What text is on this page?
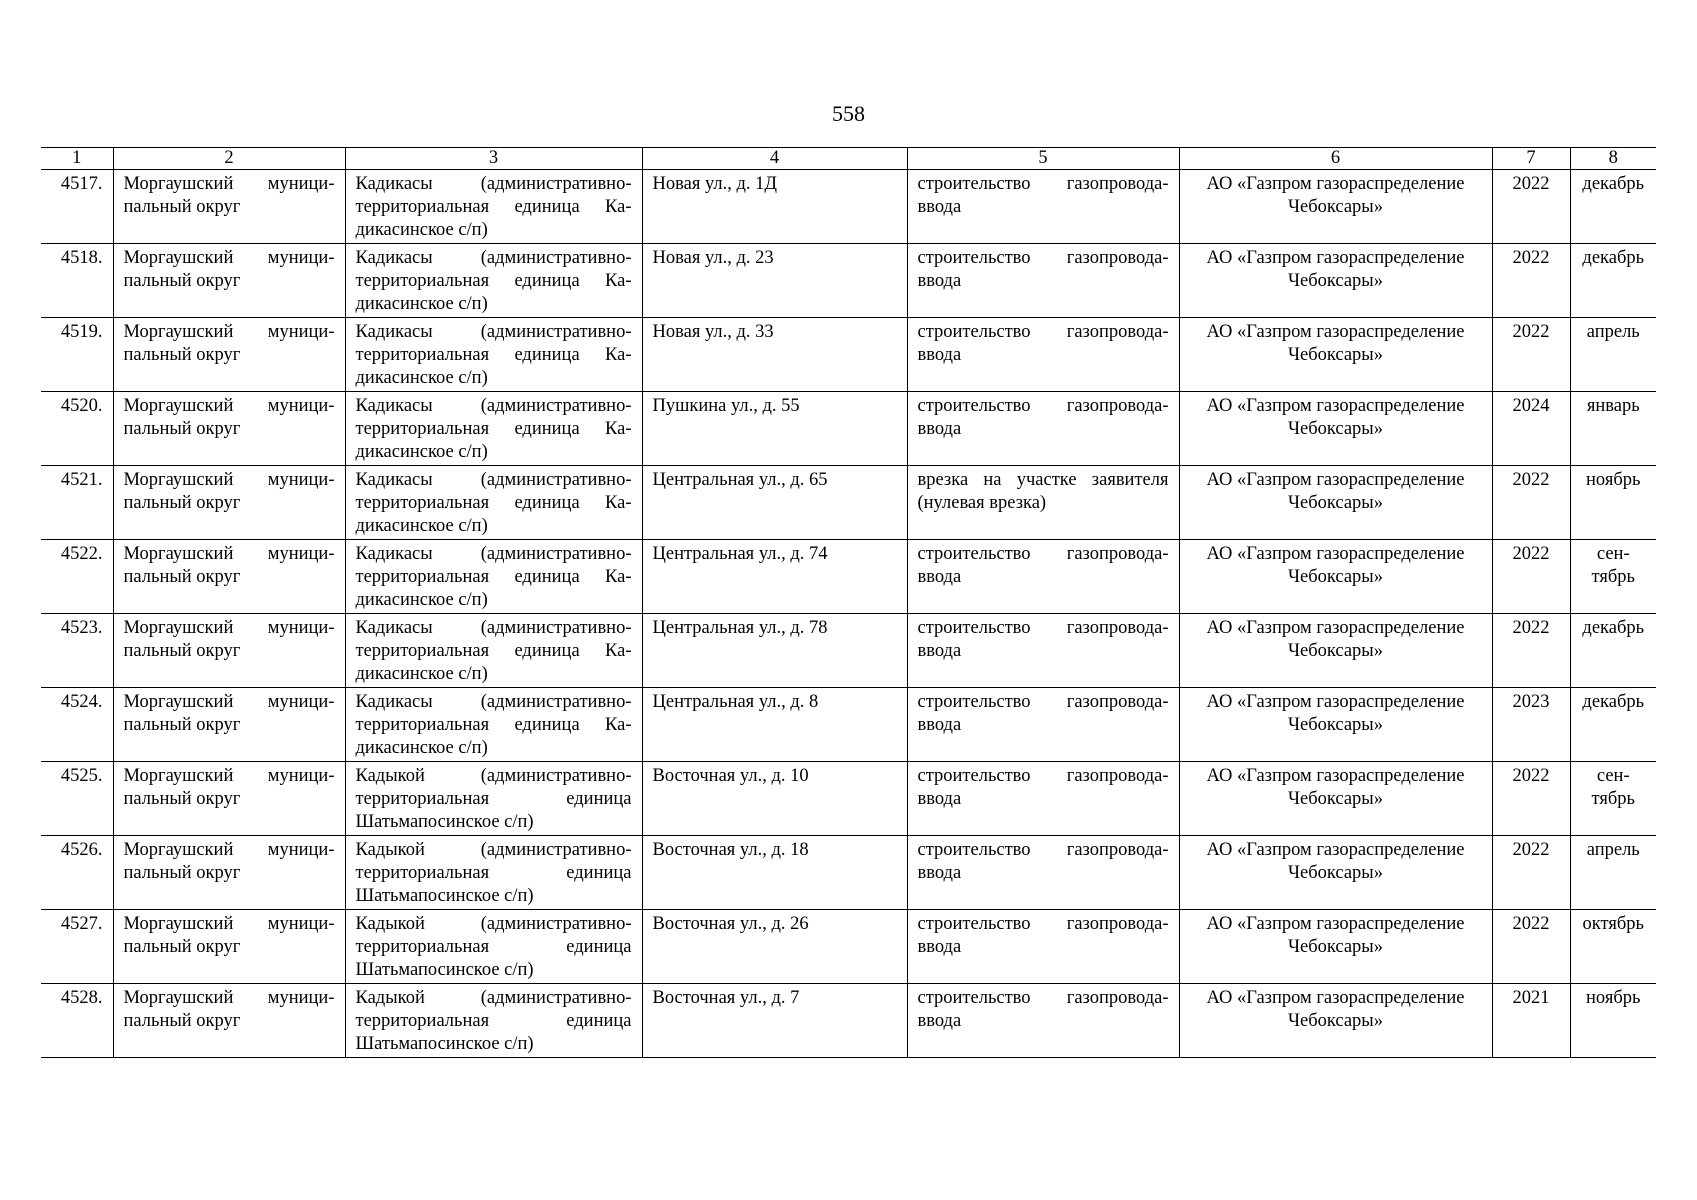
558
1	2	3	4	5	6	7	8
4517.	Моргаушский муници-пальный округ	Кадикасы (административно-территориальная единица Ка-дикасинское с/п)	Новая ул., д. 1Д	строительство газопровода-ввода	АО «Газпром газораспределение Чебоксары»	2022	декабрь
4518.	Моргаушский муници-пальный округ	Кадикасы (административно-территориальная единица Ка-дикасинское с/п)	Новая ул., д. 23	строительство газопровода-ввода	АО «Газпром газораспределение Чебоксары»	2022	декабрь
4519.	Моргаушский муници-пальный округ	Кадикасы (административно-территориальная единица Ка-дикасинское с/п)	Новая ул., д. 33	строительство газопровода-ввода	АО «Газпром газораспределение Чебоксары»	2022	апрель
4520.	Моргаушский муници-пальный округ	Кадикасы (административно-территориальная единица Ка-дикасинское с/п)	Пушкина ул., д. 55	строительство газопровода-ввода	АО «Газпром газораспределение Чебоксары»	2024	январь
4521.	Моргаушский муници-пальный округ	Кадикасы (административно-территориальная единица Ка-дикасинское с/п)	Центральная ул., д. 65	врезка на участке заявителя (нулевая врезка)	АО «Газпром газораспределение Чебоксары»	2022	ноябрь
4522.	Моргаушский муници-пальный округ	Кадикасы (административно-территориальная единица Ка-дикасинское с/п)	Центральная ул., д. 74	строительство газопровода-ввода	АО «Газпром газораспределение Чебоксары»	2022	сен-тябрь
4523.	Моргаушский муници-пальный округ	Кадикасы (административно-территориальная единица Ка-дикасинское с/п)	Центральная ул., д. 78	строительство газопровода-ввода	АО «Газпром газораспределение Чебоксары»	2022	декабрь
4524.	Моргаушский муници-пальный округ	Кадикасы (административно-территориальная единица Ка-дикасинское с/п)	Центральная ул., д. 8	строительство газопровода-ввода	АО «Газпром газораспределение Чебоксары»	2023	декабрь
4525.	Моргаушский муници-пальный округ	Кадыкой (административно-территориальная единица Шатьмапосинское с/п)	Восточная ул., д. 10	строительство газопровода-ввода	АО «Газпром газораспределение Чебоксары»	2022	сен-тябрь
4526.	Моргаушский муници-пальный округ	Кадыкой (административно-территориальная единица Шатьмапосинское с/п)	Восточная ул., д. 18	строительство газопровода-ввода	АО «Газпром газораспределение Чебоксары»	2022	апрель
4527.	Моргаушский муници-пальный округ	Кадыкой (административно-территориальная единица Шатьмапосинское с/п)	Восточная ул., д. 26	строительство газопровода-ввода	АО «Газпром газораспределение Чебоксары»	2022	октябрь
4528.	Моргаушский муници-пальный округ	Кадыкой (административно-территориальная единица Шатьмапосинское с/п)	Восточная ул., д. 7	строительство газопровода-ввода	АО «Газпром газораспределение Чебоксары»	2021	ноябрь
